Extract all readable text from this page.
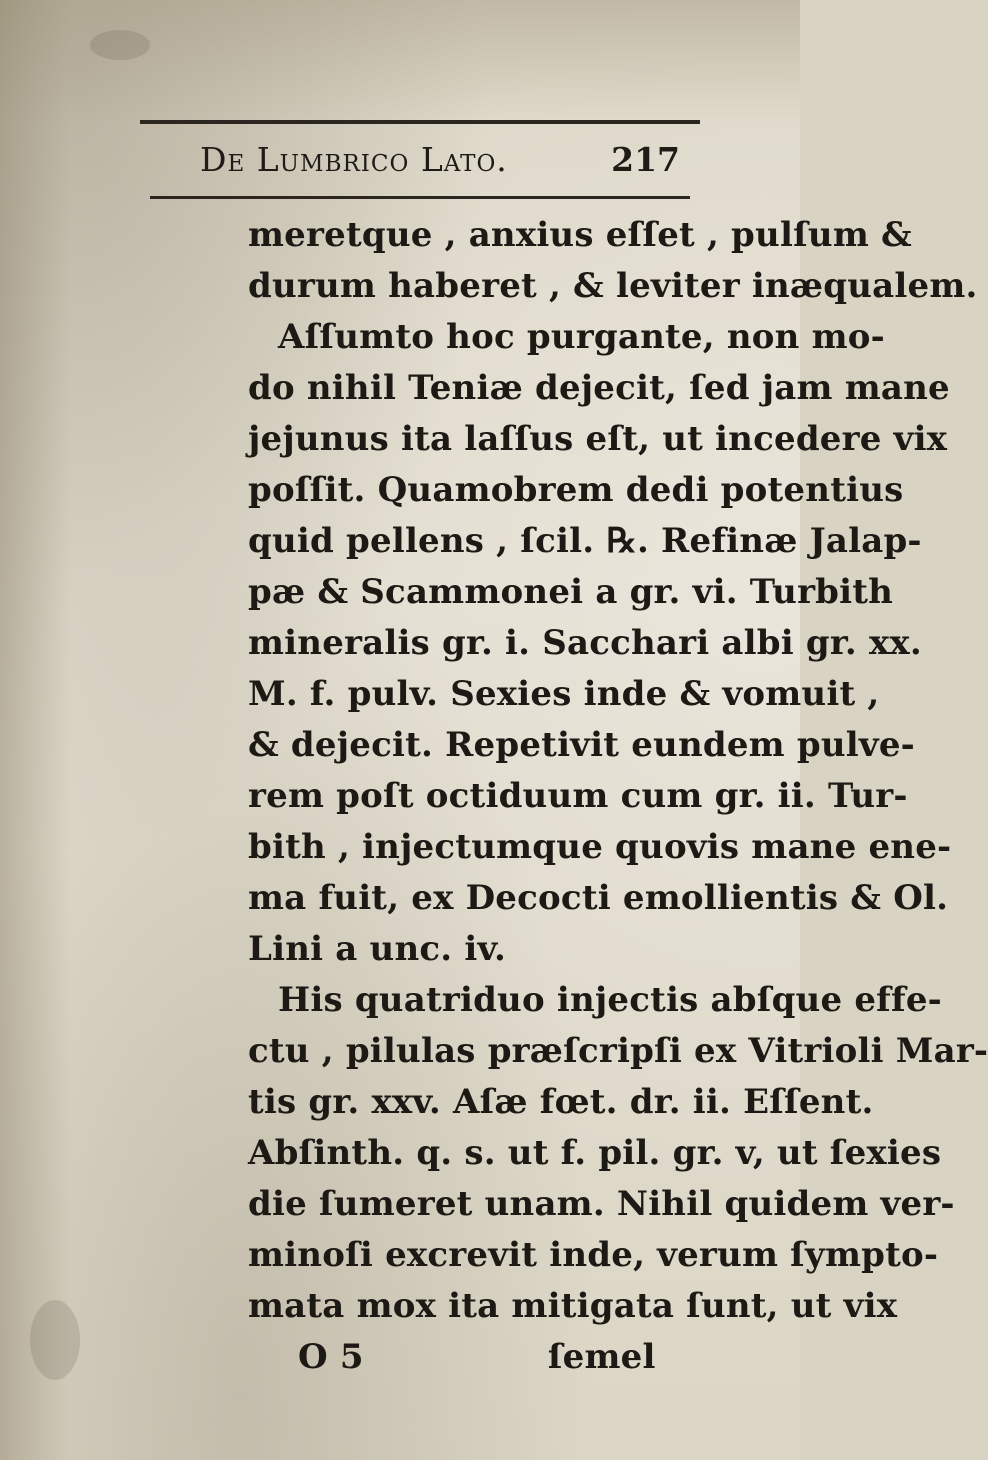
De Lumbrico Lato.	217
meretque , anxius eſſet , pulſum &
durum haberet , & leviter inæqualem.
Aſſumto hoc purgante, non mo-
do nihil Teniæ dejecit, ſed jam mane
jejunus ita laſſus eſt, ut incedere vix
poſſit. Quamobrem dedi potentius
quid pellens , ſcil. ℞. Refinæ Jalap-
pæ & Scammonei a gr. vi. Turbith
mineralis gr. i. Sacchari albi gr. xx.
M. f. pulv. Sexies inde & vomuit ,
& dejecit. Repetivit eundem pulve-
rem poſt octiduum cum gr. ii. Tur-
bith , injectumque quovis mane ene-
ma fuit, ex Decocti emollientis & Ol.
Lini a unc. iv.
His quatriduo injectis abſque effe-
ctu , pilulas præſcripſi ex Vitrioli Mar-
tis gr. xxv. Aſæ fœt. dr. ii. Eſſent.
Abſinth. q. s. ut f. pil. gr. v, ut ſexies
die ſumeret unam. Nihil quidem ver-
minoſi excrevit inde, verum ſympto-
mata mox ita mitigata ſunt, ut vix
O 5	ſemel
